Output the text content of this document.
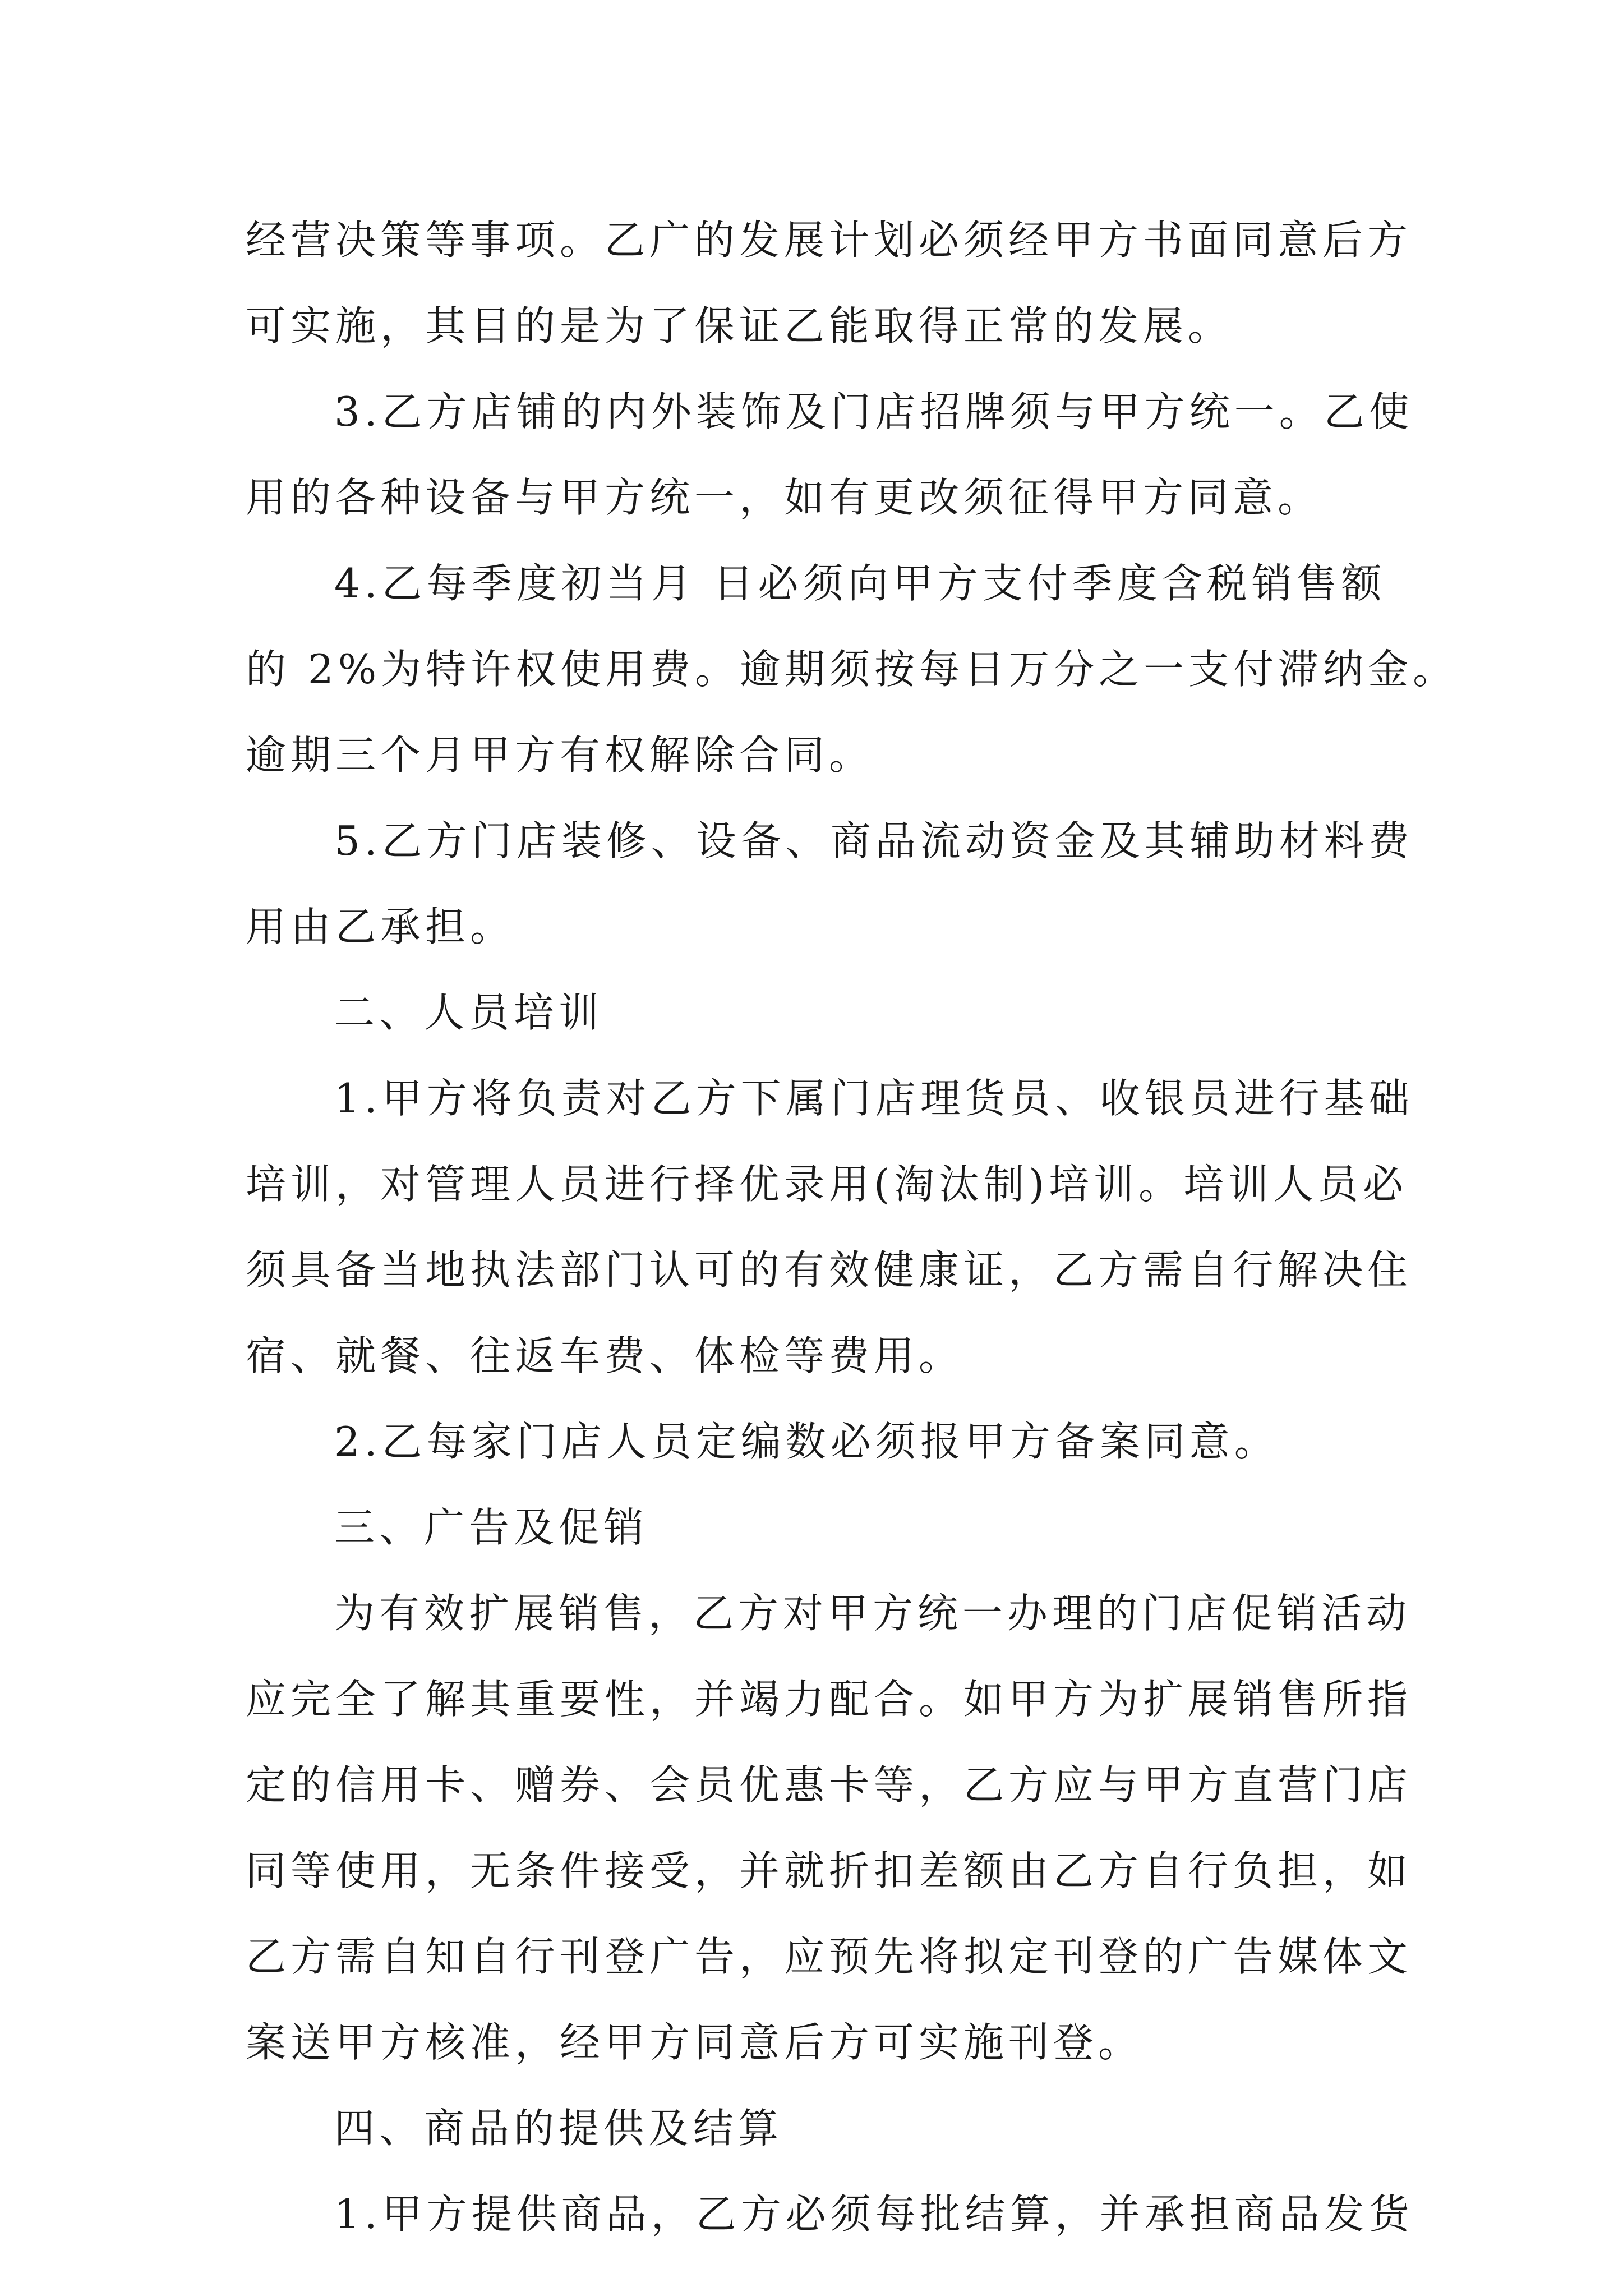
经营决策等事项。乙广的发展计划必须经甲方书面同意后方
可实施，其目的是为了保证乙能取得正常的发展。
3.乙方店铺的内外装饰及门店招牌须与甲方统一。乙使
用的各种设备与甲方统一，如有更改须征得甲方同意。
4.乙每季度初当月 日必须向甲方支付季度含税销售额
的 2%为特许权使用费。逾期须按每日万分之一支付滞纳金。
逾期三个月甲方有权解除合同。
5.乙方门店装修、设备、商品流动资金及其辅助材料费
用由乙承担。
二、人员培训
1.甲方将负责对乙方下属门店理货员、收银员进行基础
培训，对管理人员进行择优录用(淘汰制)培训。培训人员必
须具备当地执法部门认可的有效健康证，乙方需自行解决住
宿、就餐、往返车费、体检等费用。
2.乙每家门店人员定编数必须报甲方备案同意。
三、广告及促销
为有效扩展销售，乙方对甲方统一办理的门店促销活动
应完全了解其重要性，并竭力配合。如甲方为扩展销售所指
定的信用卡、赠券、会员优惠卡等，乙方应与甲方直营门店
同等使用，无条件接受，并就折扣差额由乙方自行负担，如
乙方需自知自行刊登广告，应预先将拟定刊登的广告媒体文
案送甲方核准，经甲方同意后方可实施刊登。
四、商品的提供及结算
1.甲方提供商品，乙方必须每批结算，并承担商品发货
